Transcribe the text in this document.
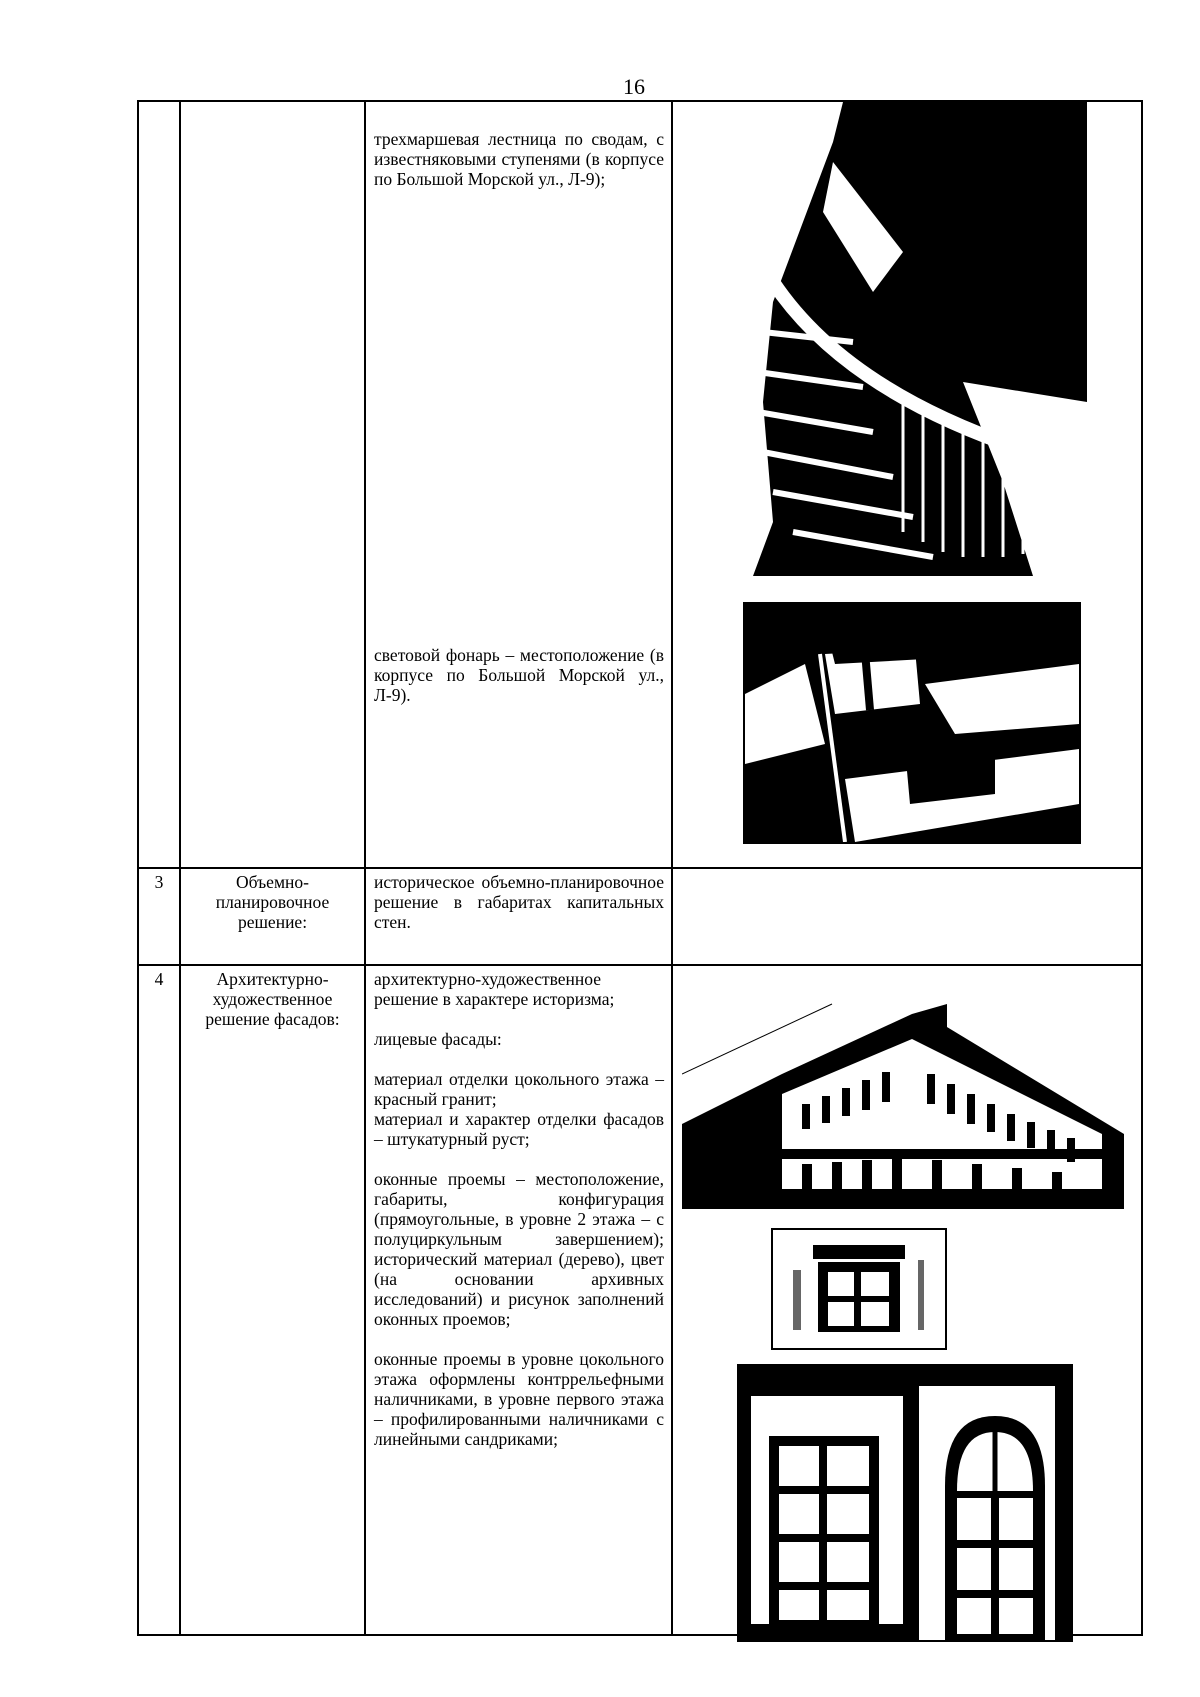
16

трехмаршевая лестница по сводам, с известняковыми ступенями (в корпусе по Большой Морской ул., Л-9);

световой фонарь – местоположение (в корпусе по Большой Морской ул., Л-9).

3	Объемно-планировочное решение:

историческое объемно-планировочное решение в габаритах капитальных стен.

4	Архитектурно-художественное решение фасадов:

архитектурно-художественное решение в характере историзма;

лицевые фасады:

материал отделки цокольного этажа – красный гранит;

материал и характер отделки фасадов – штукатурный руст;

оконные проемы – местоположение, габариты, конфигурация (прямоугольные, в уровне 2 этажа – с полуциркульным завершением); исторический материал (дерево), цвет (на основании архивных исследований) и рисунок заполнений оконных проемов;

оконные проемы в уровне цокольного этажа оформлены контррельефными наличниками, в уровне первого этажа – профилированными наличниками с линейными сандриками;
